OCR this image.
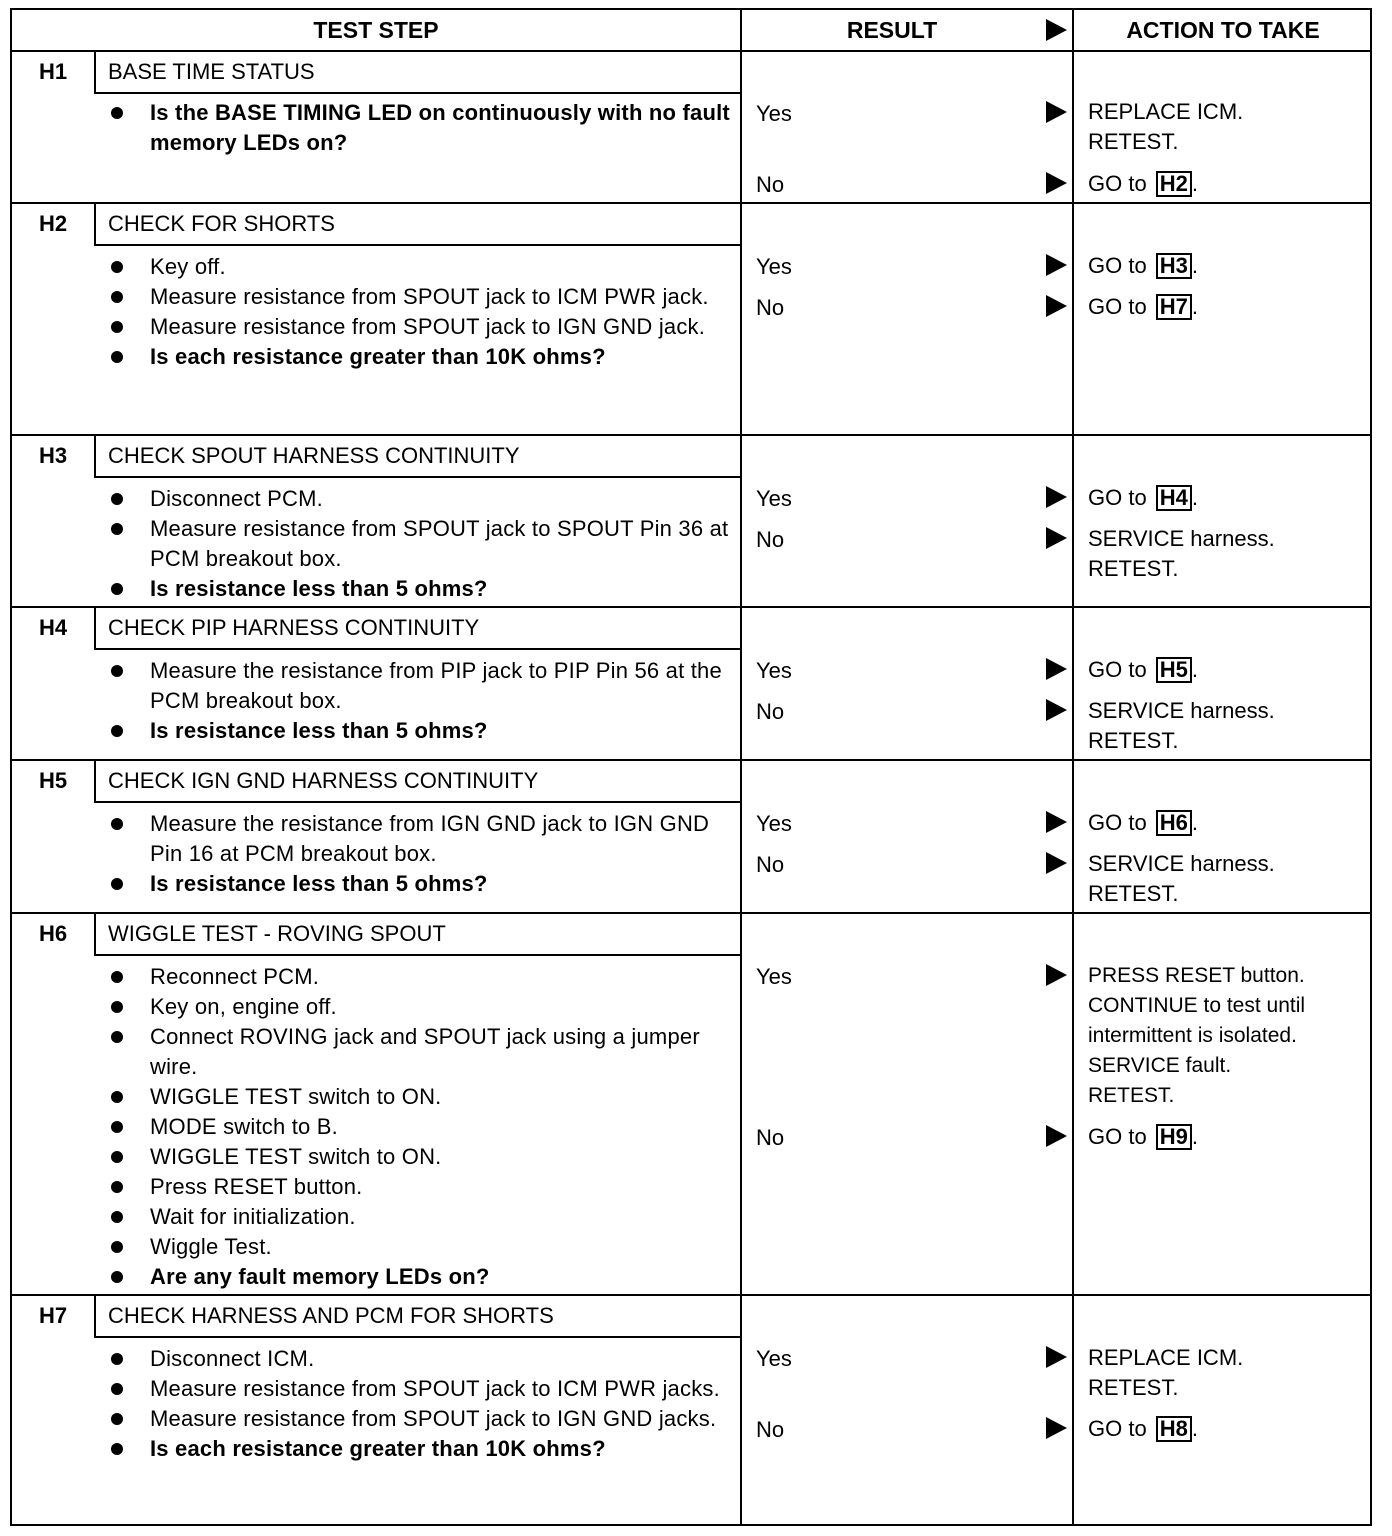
TEST STEP	RESULT	ACTION TO TAKE
H1	BASE TIME STATUS
Is the BASE TIMING LED on continuously with no fault memory LEDs on?
Yes	REPLACE ICM.
RETEST.
No	GO to H2 .
H2	CHECK FOR SHORTS
Key off.
Measure resistance from SPOUT jack to ICM PWR jack.
Measure resistance from SPOUT jack to IGN GND jack.
Is each resistance greater than 10K ohms?
Yes	GO to H3 .
No	GO to H7 .
H3	CHECK SPOUT HARNESS CONTINUITY
Disconnect PCM.
Measure resistance from SPOUT jack to SPOUT Pin 36 at PCM breakout box.
Is resistance less than 5 ohms?
Yes	GO to H4 .
No	SERVICE harness.
RETEST.
H4	CHECK PIP HARNESS CONTINUITY
Measure the resistance from PIP jack to PIP Pin 56 at the PCM breakout box.
Is resistance less than 5 ohms?
Yes	GO to H5 .
No	SERVICE harness.
RETEST.
H5	CHECK IGN GND HARNESS CONTINUITY
Measure the resistance from IGN GND jack to IGN GND Pin 16 at PCM breakout box.
Is resistance less than 5 ohms?
Yes	GO to H6 .
No	SERVICE harness.
RETEST.
H6	WIGGLE TEST - ROVING SPOUT
Reconnect PCM.
Key on, engine off.
Connect ROVING jack and SPOUT jack using a jumper wire.
WIGGLE TEST switch to ON.
MODE switch to B.
WIGGLE TEST switch to ON.
Press RESET button.
Wait for initialization.
Wiggle Test.
Are any fault memory LEDs on?
Yes	PRESS RESET button.
CONTINUE to test until intermittent is isolated.
SERVICE fault.
RETEST.
No	GO to H9 .
H7	CHECK HARNESS AND PCM FOR SHORTS
Disconnect ICM.
Measure resistance from SPOUT jack to ICM PWR jacks.
Measure resistance from SPOUT jack to IGN GND jacks.
Is each resistance greater than 10K ohms?
Yes	REPLACE ICM.
RETEST.
No	GO to H8 .
